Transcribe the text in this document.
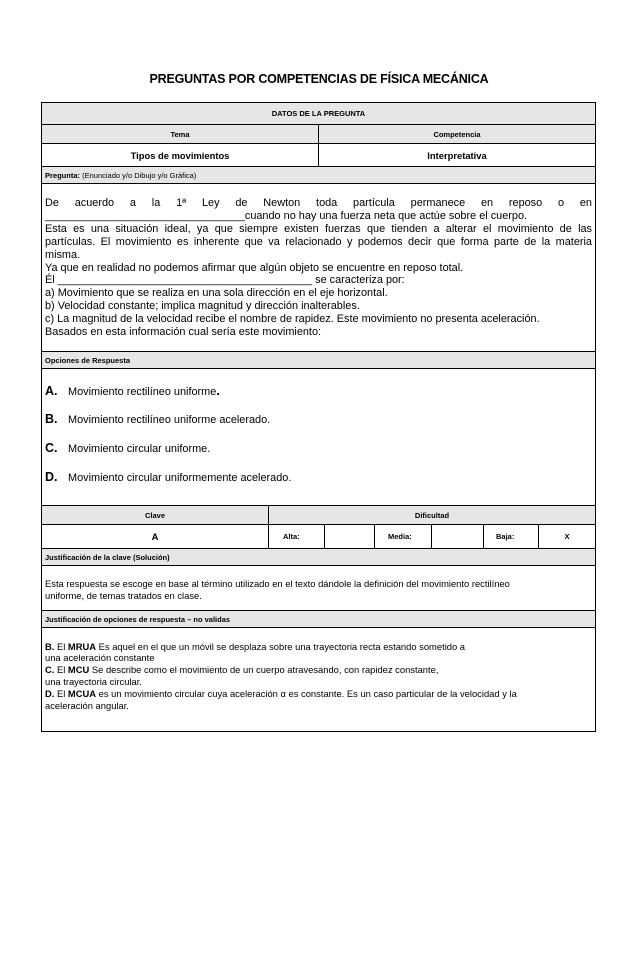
PREGUNTAS POR COMPETENCIAS DE FÍSICA MECÁNICA
DATOS DE LA PREGUNTA
Tema	Competencia
Tipos de movimientos	Interpretativa
Pregunta: (Enunciado y/o Dibujo y/o Gráfica)
De acuerdo a la 1ª Ley de Newton toda partícula permanece en reposo o en
_________________________________cuando no hay una fuerza neta que actúe sobre el cuerpo.
Esta es una situación ideal, ya que siempre existen fuerzas que tienden a alterar el movimiento de las
partículas. El movimiento es inherente que va relacionado y podemos decir que forma parte de la materia
misma.
Ya que en realidad no podemos afirmar que algún objeto se encuentre en reposo total.
Él __________________________________________ se caracteriza por:
a) Movimiento que se realiza en una sola dirección en el eje horizontal.
b) Velocidad constante; implica magnitud y dirección inalterables.
c) La magnitud de la velocidad recibe el nombre de rapidez. Este movimiento no presenta aceleración.
Basados en esta información cual sería este movimiento:
Opciones de Respuesta
A. Movimiento rectilíneo uniforme .
B. Movimiento rectilíneo uniforme acelerado.
C. Movimiento circular uniforme.
D. Movimiento circular uniformemente acelerado.
Clave	Dificultad
A	Alta:	Media:	Baja:	X
Justificación de la clave (Solución)
Esta respuesta se escoge en base al término utilizado en el texto dándole la definición del movimiento rectilíneo
uniforme, de temas tratados en clase.
Justificación de opciones de respuesta – no validas
B. El MRUA Es aquel en el que un móvil se desplaza sobre una trayectoria recta estando sometido a
una aceleración constante
C. El MCU Se describe como el movimiento de un cuerpo atravesando, con rapidez constante,
una trayectoria circular.
D. El MCUA es un movimiento circular cuya aceleración α es constante. Es un caso particular de la velocidad y la
aceleración angular.
